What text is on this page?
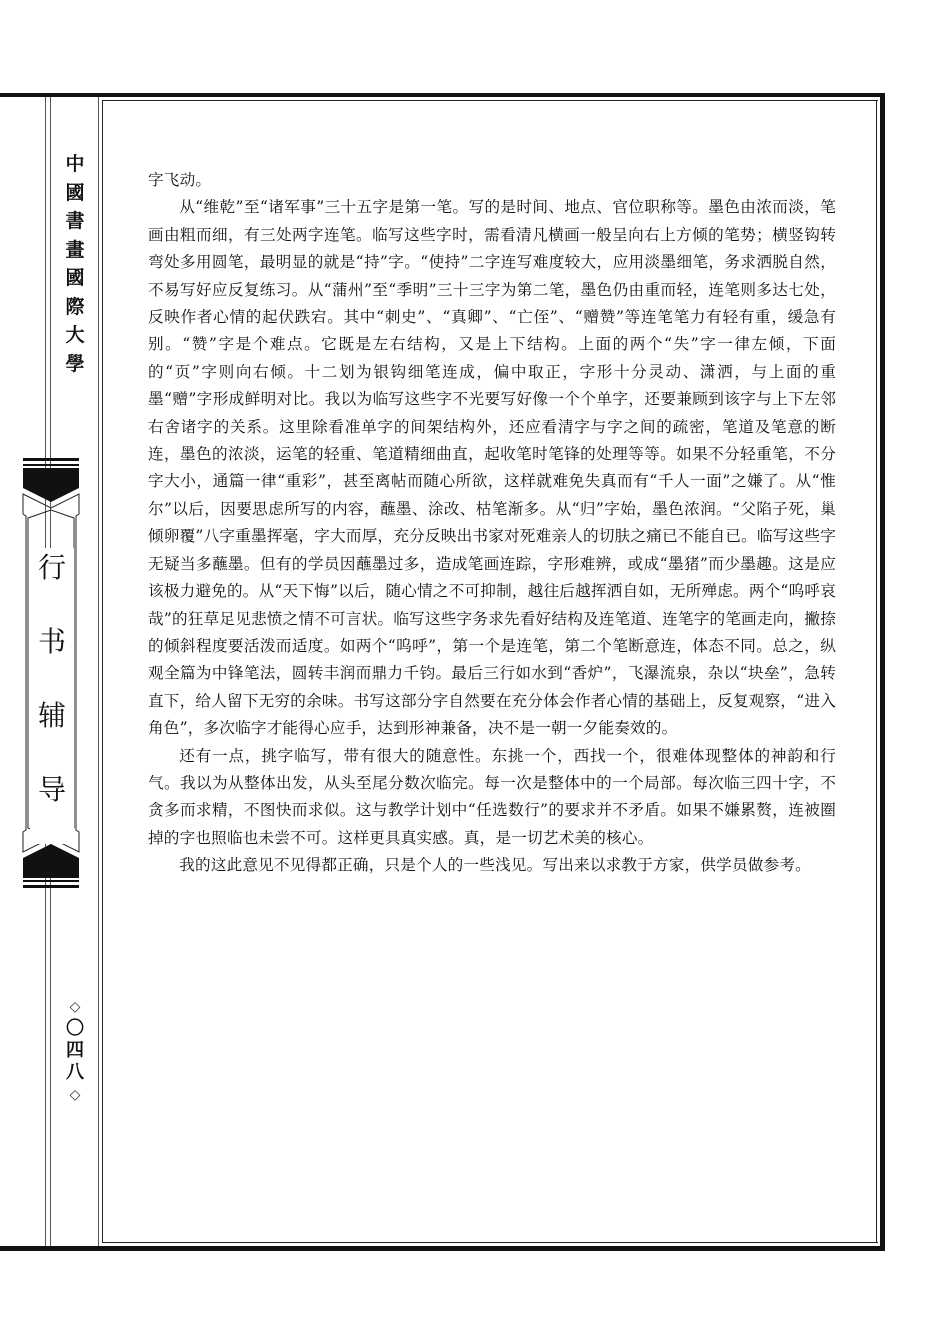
中
國
書
畫
國
際
大
學
行
书
辅
导
◇
〇
四
八
◇

字飞动。

从“维乾”至“诸军事”三十五字是第一笔。写的是时间、地点、官位职称等。墨色由浓而淡，笔画由粗而细，有三处两字连笔。临写这些字时，需看清凡横画一般呈向右上方倾的笔势；横竖钩转弯处多用圆笔，最明显的就是“持”字。“使持”二字连写难度较大，应用淡墨细笔，务求洒脱自然，不易写好应反复练习。从“蒲州”至“季明”三十三字为第二笔，墨色仍由重而轻，连笔则多达七处，反映作者心情的起伏跌宕。其中“刺史”、“真卿”、“亡侄”、“赠赞”等连笔笔力有轻有重，缓急有别。“赞”字是个难点。它既是左右结构，又是上下结构。上面的两个“失”字一律左倾，下面的“页”字则向右倾。十二划为银钩细笔连成，偏中取正，字形十分灵动、潇洒，与上面的重墨“赠”字形成鲜明对比。我以为临写这些字不光要写好像一个个单字，还要兼顾到该字与上下左邻右舍诸字的关系。这里除看准单字的间架结构外，还应看清字与字之间的疏密，笔道及笔意的断连，墨色的浓淡，运笔的轻重、笔道精细曲直，起收笔时笔锋的处理等等。如果不分轻重笔，不分字大小，通篇一律“重彩”，甚至离帖而随心所欲，这样就难免失真而有“千人一面”之嫌了。从“惟尔”以后，因要思虑所写的内容，蘸墨、涂改、枯笔渐多。从“归”字始，墨色浓润。“父陷子死，巢倾卵覆”八字重墨挥毫，字大而厚，充分反映出书家对死难亲人的切肤之痛已不能自已。临写这些字无疑当多蘸墨。但有的学员因蘸墨过多，造成笔画连踪，字形难辨，或成“墨猪”而少墨趣。这是应该极力避免的。从“天下悔”以后，随心情之不可抑制，越往后越挥洒自如，无所殚虑。两个“呜呼哀哉”的狂草足见悲愤之情不可言状。临写这些字务求先看好结构及连笔道、连笔字的笔画走向，撇捺的倾斜程度要活泼而适度。如两个“呜呼”，第一个是连笔，第二个笔断意连，体态不同。总之，纵观全篇为中锋笔法，圆转丰润而鼎力千钧。最后三行如水到“香炉”，飞瀑流泉，杂以“块垒”，急转直下，给人留下无穷的余味。书写这部分字自然要在充分体会作者心情的基础上，反复观察，“进入角色”，多次临字才能得心应手，达到形神兼备，决不是一朝一夕能奏效的。

还有一点，挑字临写，带有很大的随意性。东挑一个，西找一个，很难体现整体的神韵和行气。我以为从整体出发，从头至尾分数次临完。每一次是整体中的一个局部。每次临三四十字，不贪多而求精，不图快而求似。这与教学计划中“任选数行”的要求并不矛盾。如果不嫌累赘，连被圈掉的字也照临也未尝不可。这样更具真实感。真，是一切艺术美的核心。

我的这此意见不见得都正确，只是个人的一些浅见。写出来以求教于方家，供学员做参考。
